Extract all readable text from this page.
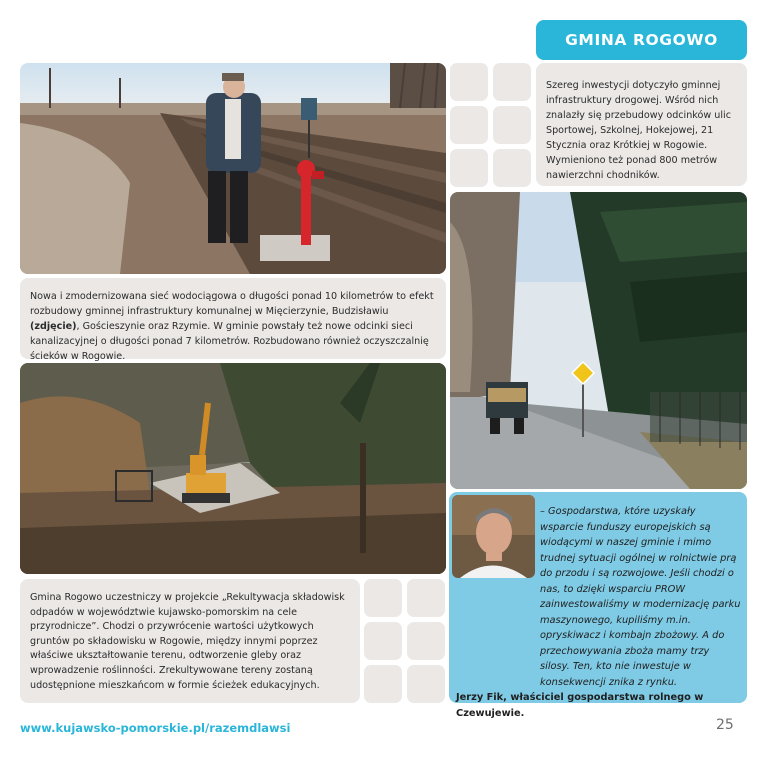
GMINA ROGOWO
Szereg inwestycji dotyczyło gminnej infrastruktury drogowej. Wśród nich znalazły się przebudowy odcinków ulic Sportowej, Szkolnej, Hokejowej, 21 Stycznia oraz Krótkiej w Rogowie. Wymieniono też ponad 800 metrów nawierzchni chodników.
Nowa i zmodernizowana sieć wodociągowa o długości ponad 10 kilometrów to efekt rozbudowy gminnej infrastruktury komunalnej w Mięcierzynie, Budzisławiu (zdjęcie), Gościeszynie oraz Rzymie. W gminie powstały też nowe odcinki sieci kanalizacyjnej o długości ponad 7 kilometrów. Rozbudowano również oczyszczalnię ścieków w Rogowie.
Gmina Rogowo uczestniczy w projekcie „Rekultywacja składowisk odpadów w województwie kujawsko-pomorskim na cele przyrodnicze”. Chodzi o przywrócenie wartości użytkowych gruntów po składowisku w Rogowie, między innymi poprzez właściwe ukształtowanie terenu, odtworzenie gleby oraz wprowadzenie roślinności. Zrekultywowane tereny zostaną udostępnione mieszkańcom w formie ścieżek edukacyjnych.
– Gospodarstwa, które uzyskały wsparcie funduszy europejskich są wiodącymi w naszej gminie i mimo trudnej sytuacji ogólnej w rolnictwie prą do przodu i są rozwojowe. Jeśli chodzi o nas, to dzięki wsparciu PROW zainwestowaliśmy w modernizację parku maszynowego, kupiliśmy m.in. opryskiwacz i kombajn zbożowy. A do przechowywania zboża mamy trzy silosy. Ten, kto nie inwestuje w konsekwencji znika z rynku.
Jerzy Fik, właściciel gospodarstwa rolnego w Czewujewie.
www.kujawsko-pomorskie.pl/razemdlawsi	25
